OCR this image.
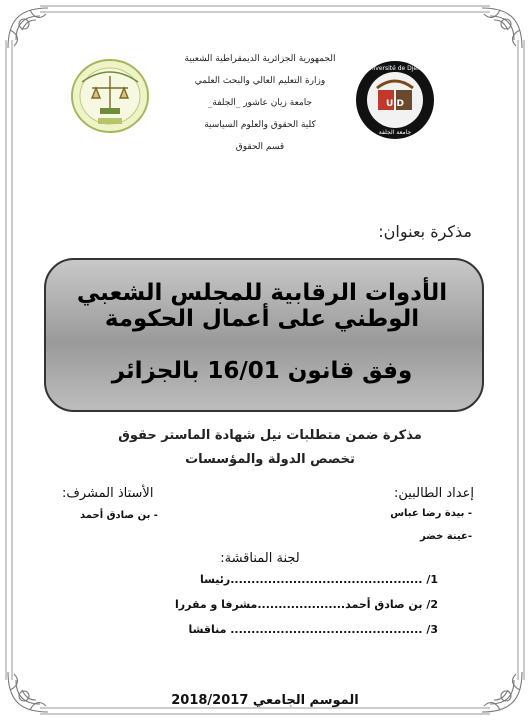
U D
Université de Djelfa
جامعة الجلفة
الجمهورية الجزائرية الديمقراطية الشعبية
وزارة التعليم العالي والبحث العلمي
جامعة زيان عاشور _الجلفة_
كلية الحقوق والعلوم السياسية
قسم الحقوق
مذكرة بعنوان:
الأدوات الرقابية للمجلس الشعبي الوطني على أعمال الحكومة
وفق قانون 16/01 بالجزائر
مذكرة ضمن متطلبات نيل شهادة الماستر حقوق
تخصص الدولة والمؤسسات
إعداد الطالبين:
الأستاذ المشرف:
- بيدة رضا عباس
-عينة خضر
- بن صادق أحمد
لجنة المناقشة:
1/ ..............................................رئيسا
2/ بن صادق أحمد.....................مشرفا و مقررا
3/ .............................................. مناقشا
الموسم الجامعي 2018/2017
